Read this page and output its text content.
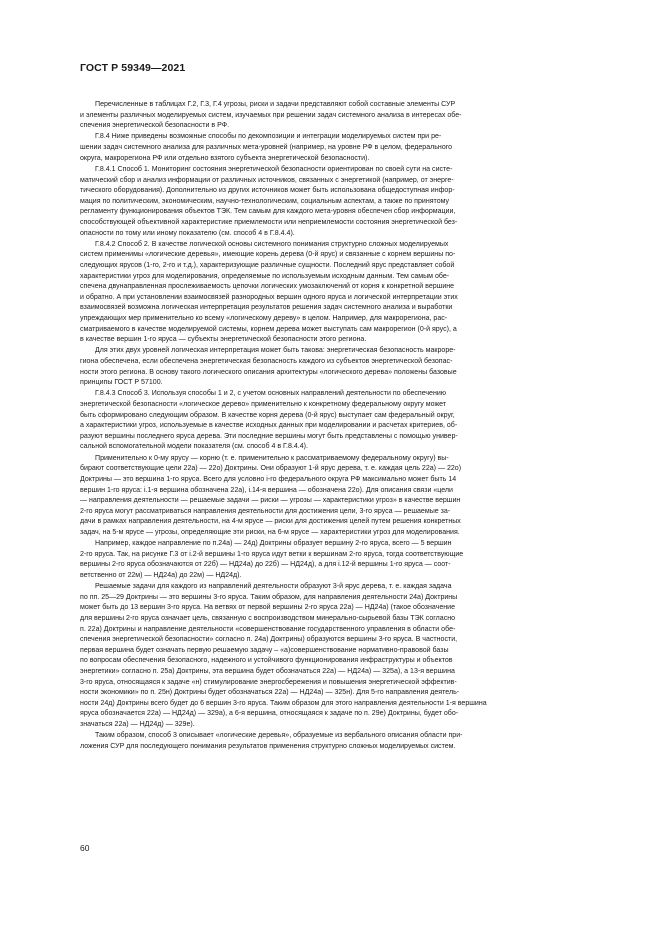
ГОСТ Р 59349—2021

Перечисленные в таблицах Г.2, Г.3, Г.4 угрозы, риски и задачи представляют собой составные элементы СУР
и элементы различных моделируемых систем, изучаемых при решении задач системного анализа в интересах обе-
спечения энергетической безопасности в РФ.

Г.8.4 Ниже приведены возможные способы по декомпозиции и интеграции моделируемых систем при ре-
шении задач системного анализа для различных мета-уровней (например, на уровне РФ в целом, федерального
округа, макрорегиона РФ или отдельно взятого субъекта энергетической безопасности).

Г.8.4.1 Способ 1. Мониторинг состояния энергетической безопасности ориентирован по своей сути на систе-
матический сбор и анализ информации от различных источников, связанных с энергетикой (например, от энерге-
тического оборудования). Дополнительно из других источников может быть использована общедоступная инфор-
мация по политическим, экономическим, научно-технологическим, социальным аспектам, а также по принятому
регламенту функционирования объектов ТЭК. Тем самым для каждого мета-уровня обеспечен сбор информации,
способствующей объективной характеристике приемлемости или неприемлемости состояния энергетической без-
опасности по тому или иному показателю (см. способ 4 в Г.8.4.4).

Г.8.4.2 Способ 2. В качестве логической основы системного понимания структурно сложных моделируемых
систем применимы «логические деревья», имеющие корень дерева (0-й ярус) и связанные с корнем вершины по-
следующих ярусов (1-го, 2-го и т.д.), характеризующие различные сущности. Последний ярус представляет собой
характеристики угроз для моделирования, определяемые по используемым исходным данным. Тем самым обе-
спечена двунаправленная прослеживаемость цепочки логических умозаключений от корня к конкретной вершине
и обратно. А при установлении взаимосвязей разнородных вершин одного яруса и логической интерпретации этих
взаимосвязей возможна логическая интерпретация результатов решения задач системного анализа и выработки
упреждающих мер применительно ко всему «логическому дереву» в целом. Например, для макрорегиона, рас-
сматриваемого в качестве моделируемой системы, корнем дерева может выступать сам макрорегион (0-й ярус), а
в качестве вершин 1-го яруса — субъекты энергетической безопасности этого региона.

Для этих двух уровней логическая интерпретация может быть такова: энергетическая безопасность макроре-
гиона обеспечена, если обеспечена энергетическая безопасность каждого из субъектов энергетической безопас-
ности этого региона. В основу такого логического описания архитектуры «логического дерева» положены базовые
принципы ГОСТ Р 57100.

Г.8.4.3 Способ 3. Используя способы 1 и 2, с учетом основных направлений деятельности по обеспечению
энергетической безопасности «логическое дерево» применительно к конкретному федеральному округу может
быть сформировано следующим образом. В качестве корня дерева (0-й ярус) выступает сам федеральный округ,
а характеристики угроз, используемые в качестве исходных данных при моделировании и расчетах критериев, об-
разуют вершины последнего яруса дерева. Эти последние вершины могут быть представлены с помощью универ-
сальной вспомогательной модели показателя (см. способ 4 в Г.8.4.4).

Применительно к 0-му ярусу — корню (т. е. применительно к рассматриваемому федеральному округу) вы-
бирают соответствующие цели 22а) — 22о) Доктрины. Они образуют 1-й ярус дерева, т. е. каждая цель 22а) — 22о)
Доктрины — это вершина 1-го яруса. Всего для условно i-го федерального округа РФ максимально может быть 14
вершин 1-го яруса: i.1-я вершина обозначена 22а), i.14-я вершина — обозначена 22о). Для описания связи «цели
— направления деятельности — решаемые задачи — риски — угрозы — характеристики угроз» в качестве вершин
2-го яруса могут рассматриваться направления деятельности для достижения цели, 3-го яруса — решаемые за-
дачи в рамках направления деятельности, на 4-м ярусе — риски для достижения целей путем решения конкретных
задач, на 5-м ярусе — угрозы, определяющие эти риски, на 6-м ярусе — характеристики угроз для моделирования.

Например, каждое направление по п.24а) — 24д) Доктрины образует вершину 2-го яруса, всего — 5 вершин
2-го яруса. Так, на рисунке Г.3 от i.2-й вершины 1-го яруса идут ветки к вершинам 2-го яруса, тогда соответствующие
вершины 2-го яруса обозначаются от 22б) — НД24а) до 22б) — НД24д), а для i.12-й вершины 1-го яруса — соот-
ветственно от 22м) — НД24а) до 22м) — НД24д).

Решаемые задачи для каждого из направлений деятельности образуют 3-й ярус дерева, т. е. каждая задача
по пп. 25—29 Доктрины — это вершины 3-го яруса. Таким образом, для направления деятельности 24а) Доктрины
может быть до 13 вершин 3-го яруса. На ветвях от первой вершины 2-го яруса 22а) — НД24а) (такое обозначение
для вершины 2-го яруса означает цель, связанную с воспроизводством минерально-сырьевой базы ТЭК согласно
п. 22а) Доктрины и направление деятельности «совершенствование государственного управления в области обе-
спечения энергетической безопасности» согласно п. 24а) Доктрины) образуются вершины 3-го яруса. В частности,
первая вершина будет означать первую решаемую задачу – «а)совершенствование нормативно-правовой базы
по вопросам обеспечения безопасного, надежного и устойчивого функционирования инфраструктуры и объектов
энергетики» согласно п. 25а) Доктрины, эта вершина будет обозначаться 22а) — НД24а) — 325а), а 13-я вершина
3-го яруса, относящаяся к задаче «н) стимулирование энергосбережения и повышения энергетической эффектив-
ности экономики» по п. 25н) Доктрины будет обозначаться 22а) — НД24а) — 325н). Для 5-го направления деятель-
ности 24д) Доктрины всего будет до 6 вершин 3-го яруса. Таким образом для этого направления деятельности 1-я вершина
яруса обозначается 22а) — НД24д) — 329а), а 6-я вершина, относящаяся к задаче по п. 29е) Доктрины, будет обо-
значаться 22а) — НД24д) — 329е).

Таким образом, способ 3 описывает «логические деревья», образуемые из вербального описания области при-
ложения СУР для последующего понимания результатов применения структурно сложных моделируемых систем.

60
